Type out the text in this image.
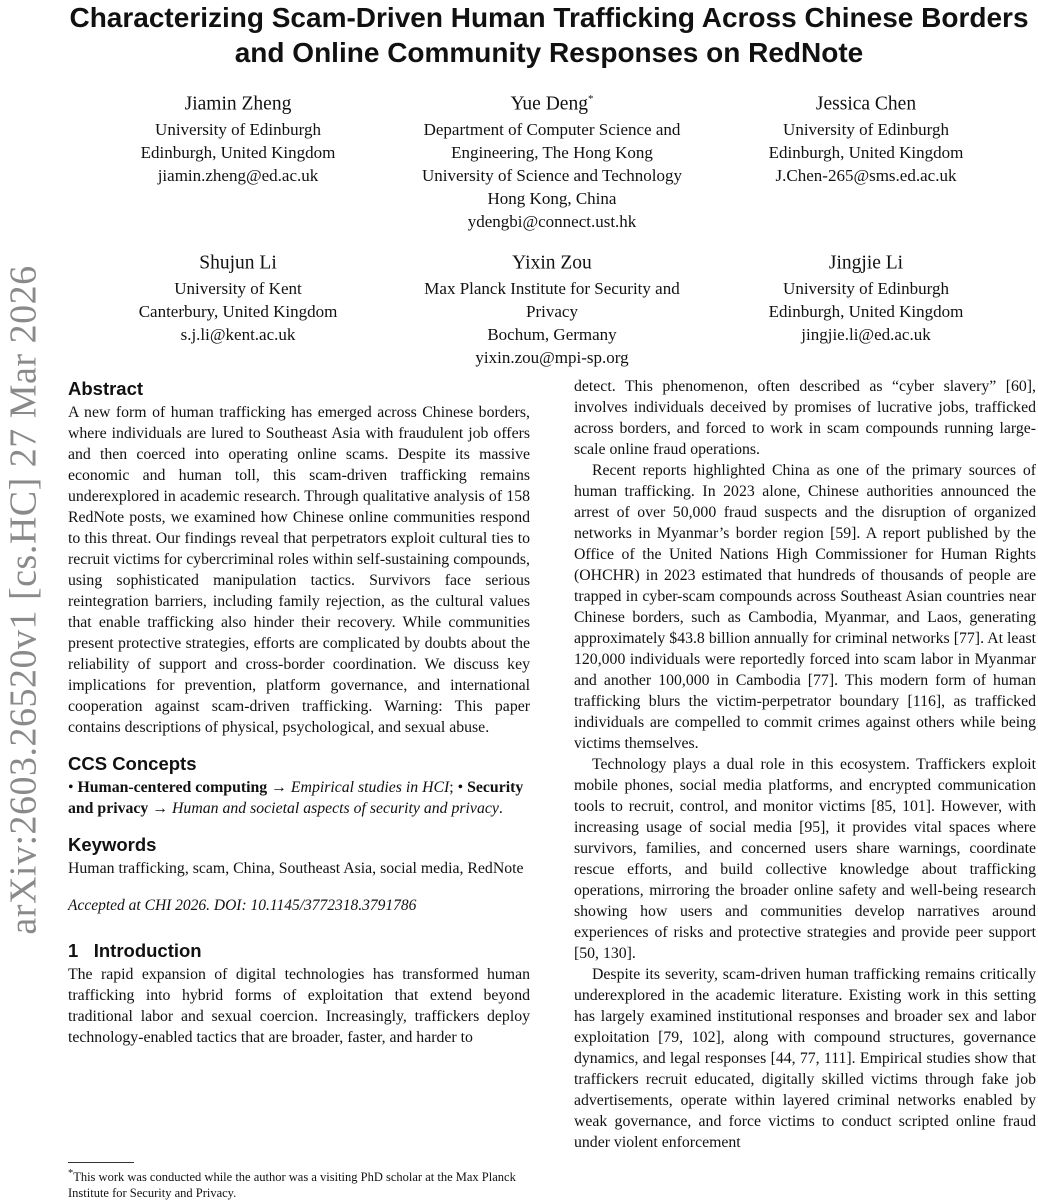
arXiv:2603.26520v1 [cs.HC] 27 Mar 2026
Characterizing Scam-Driven Human Trafficking Across Chinese Borders and Online Community Responses on RedNote
Jiamin Zheng
University of Edinburgh
Edinburgh, United Kingdom
jiamin.zheng@ed.ac.uk
Yue Deng*
Department of Computer Science and
Engineering, The Hong Kong
University of Science and Technology
Hong Kong, China
ydengbi@connect.ust.hk
Jessica Chen
University of Edinburgh
Edinburgh, United Kingdom
J.Chen-265@sms.ed.ac.uk
Shujun Li
University of Kent
Canterbury, United Kingdom
s.j.li@kent.ac.uk
Yixin Zou
Max Planck Institute for Security and
Privacy
Bochum, Germany
yixin.zou@mpi-sp.org
Jingjie Li
University of Edinburgh
Edinburgh, United Kingdom
jingjie.li@ed.ac.uk
Abstract

A new form of human trafficking has emerged across Chinese borders, where individuals are lured to Southeast Asia with fraudulent job offers and then coerced into operating online scams. Despite its massive economic and human toll, this scam-driven trafficking remains underexplored in academic research. Through qualitative analysis of 158 RedNote posts, we examined how Chinese online communities respond to this threat. Our findings reveal that perpetrators exploit cultural ties to recruit victims for cybercriminal roles within self-sustaining compounds, using sophisticated manipulation tactics. Survivors face serious reintegration barriers, including family rejection, as the cultural values that enable trafficking also hinder their recovery. While communities present protective strategies, efforts are complicated by doubts about the reliability of support and cross-border coordination. We discuss key implications for prevention, platform governance, and international cooperation against scam-driven trafficking. Warning: This paper contains descriptions of physical, psychological, and sexual abuse.

CCS Concepts

• Human-centered computing → Empirical studies in HCI; • Security and privacy → Human and societal aspects of security and privacy.

Keywords

Human trafficking, scam, China, Southeast Asia, social media, RedNote

Accepted at CHI 2026. DOI: 10.1145/3772318.3791786

1 Introduction

The rapid expansion of digital technologies has transformed human trafficking into hybrid forms of exploitation that extend beyond traditional labor and sexual coercion. Increasingly, traffickers deploy technology-enabled tactics that are broader, faster, and harder to

detect. This phenomenon, often described as “cyber slavery” [60], involves individuals deceived by promises of lucrative jobs, trafficked across borders, and forced to work in scam compounds running large-scale online fraud operations.

Recent reports highlighted China as one of the primary sources of human trafficking. In 2023 alone, Chinese authorities announced the arrest of over 50,000 fraud suspects and the disruption of organized networks in Myanmar’s border region [59]. A report published by the Office of the United Nations High Commissioner for Human Rights (OHCHR) in 2023 estimated that hundreds of thousands of people are trapped in cyber-scam compounds across Southeast Asian countries near Chinese borders, such as Cambodia, Myanmar, and Laos, generating approximately $43.8 billion annually for criminal networks [77]. At least 120,000 individuals were reportedly forced into scam labor in Myanmar and another 100,000 in Cambodia [77]. This modern form of human trafficking blurs the victim-perpetrator boundary [116], as trafficked individuals are compelled to commit crimes against others while being victims themselves.

Technology plays a dual role in this ecosystem. Traffickers exploit mobile phones, social media platforms, and encrypted communication tools to recruit, control, and monitor victims [85, 101]. However, with increasing usage of social media [95], it provides vital spaces where survivors, families, and concerned users share warnings, coordinate rescue efforts, and build collective knowledge about trafficking operations, mirroring the broader online safety and well-being research showing how users and communities develop narratives around experiences of risks and protective strategies and provide peer support [50, 130].

Despite its severity, scam-driven human trafficking remains critically underexplored in the academic literature. Existing work in this setting has largely examined institutional responses and broader sex and labor exploitation [79, 102], along with compound structures, governance dynamics, and legal responses [44, 77, 111]. Empirical studies show that traffickers recruit educated, digitally skilled victims through fake job advertisements, operate within layered criminal networks enabled by weak governance, and force victims to conduct scripted online fraud under violent enforcement

*This work was conducted while the author was a visiting PhD scholar at the Max Planck Institute for Security and Privacy.
